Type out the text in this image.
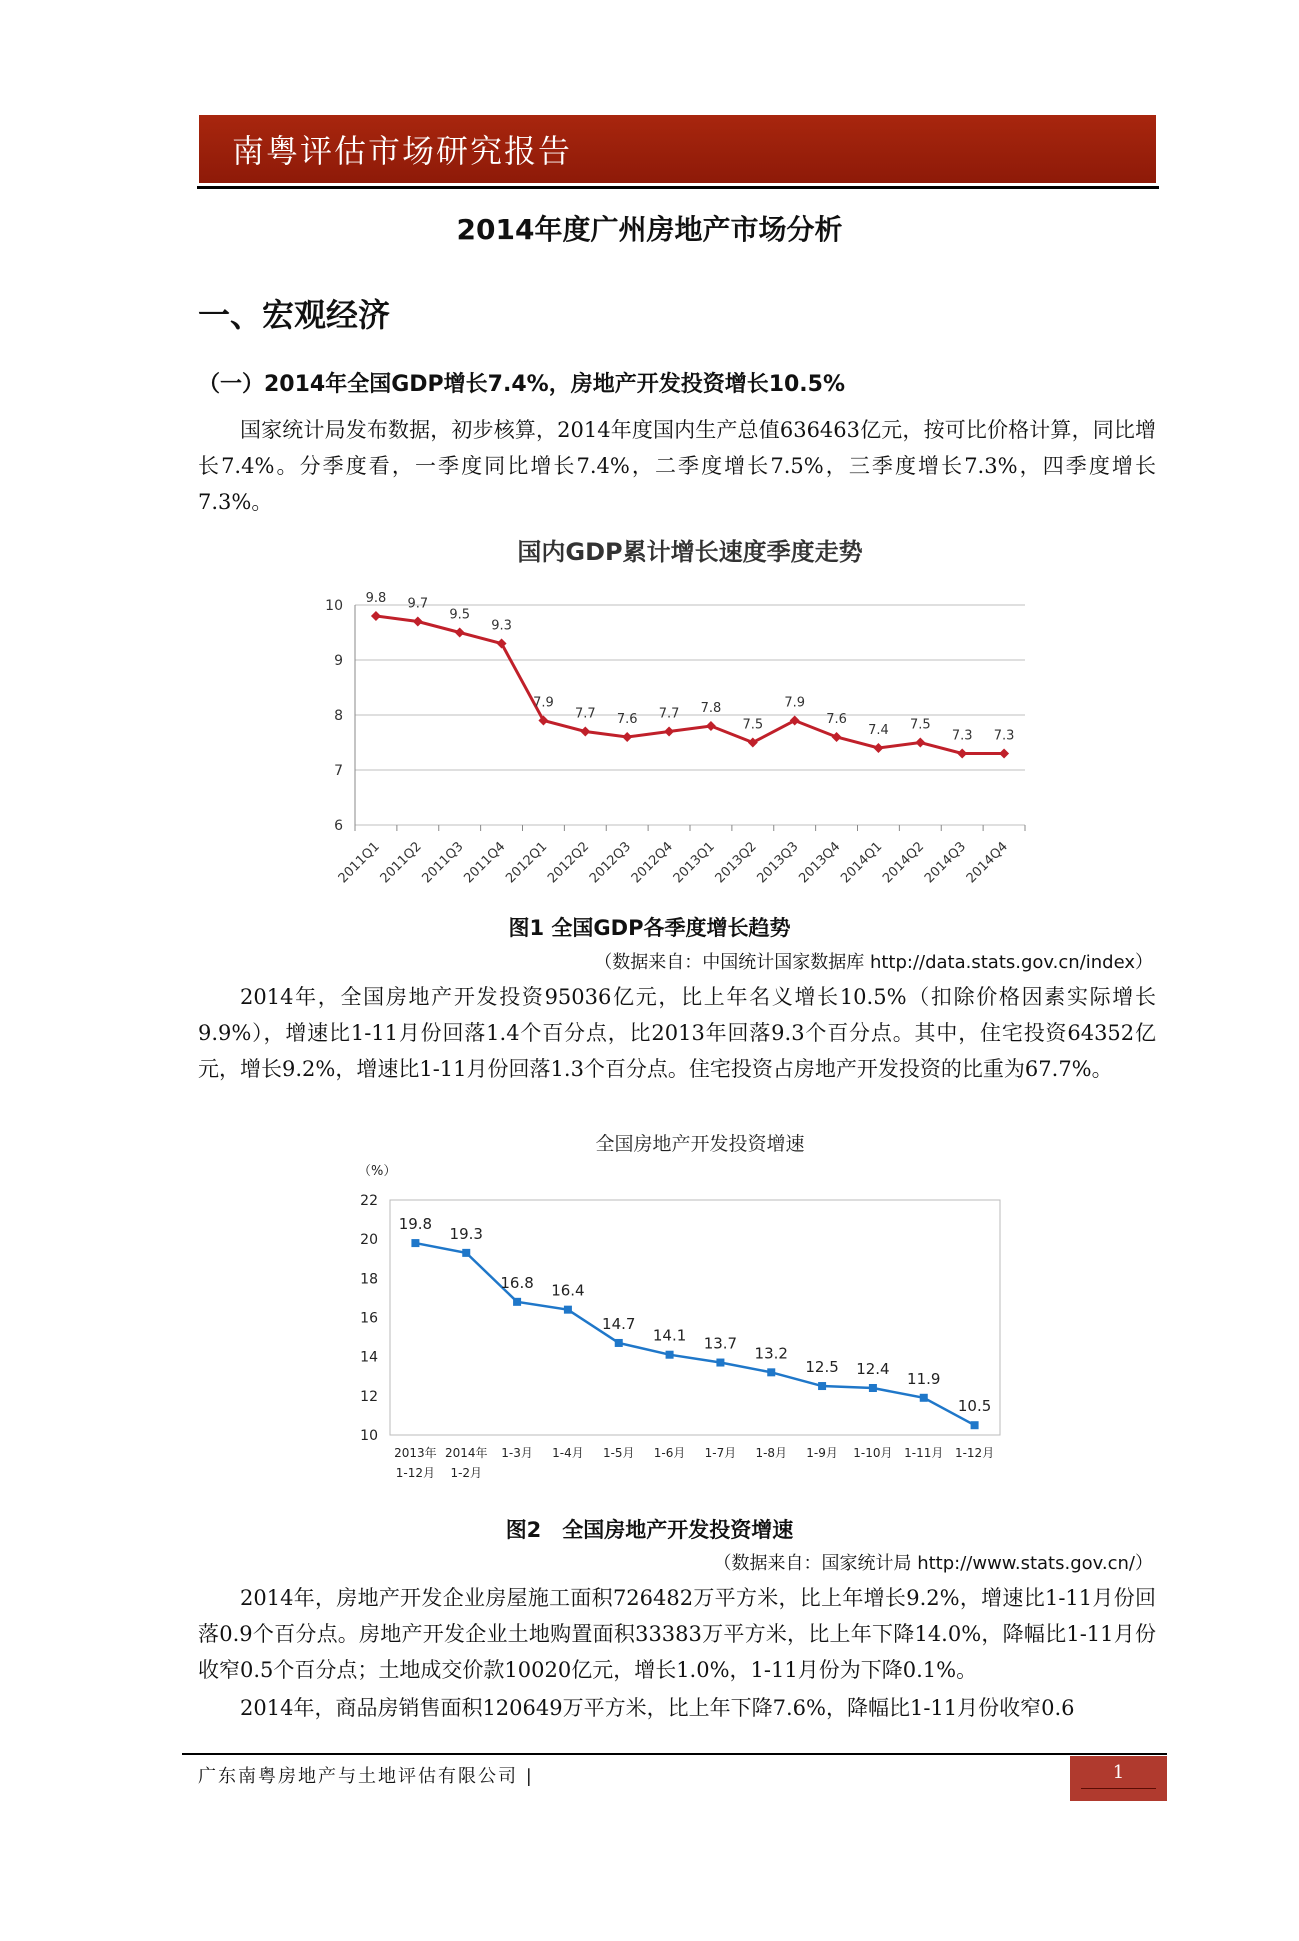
南粤评估市场研究报告
2014年度广州房地产市场分析
一、宏观经济
（一）2014年全国GDP增长7.4%，房地产开发投资增长10.5%

国家统计局发布数据，初步核算，2014年度国内生产总值636463亿元，按可比价格计算，同比增长7.4%。分季度看，一季度同比增长7.4%，二季度增长7.5%，三季度增长7.3%，四季度增长7.3%。

国内GDP累计增长速度季度走势
6
7
8
9
10
2011Q1
2011Q2
2011Q3
2011Q4
2012Q1
2012Q2
2012Q3
2012Q4
2013Q1
2013Q2
2013Q3
2013Q4
2014Q1
2014Q2
2014Q3
2014Q4
9.8 9.7
9.5
9.3
7.9
7.7 7.6 7.7 7.8
7.5
7.9
7.6
7.4 7.5
7.3 7.3
图1 全国GDP各季度增长趋势
（数据来自：中国统计国家数据库 http://data.stats.gov.cn/index）

2014年，全国房地产开发投资95036亿元，比上年名义增长10.5%（扣除价格因素实际增长9.9%），增速比1-11月份回落1.4个百分点，比2013年回落9.3个百分点。其中，住宅投资64352亿元，增长9.2%，增速比1-11月份回落1.3个百分点。住宅投资占房地产开发投资的比重为67.7%。

全国房地产开发投资增速
（%）
10
12
14
16
18
20
22
2013年
1-12月
2014年
1-2月
1-3月 1-4月 1-5月 1-6月 1-7月 1-8月 1-9月 1-10月 1-11月 1-12月
19.8
19.3
16.8 16.4
14.7
14.1 13.7
13.2
12.5 12.4
11.9
10.5
图2　全国房地产开发投资增速
（数据来自：国家统计局 http://www.stats.gov.cn/）

2014年，房地产开发企业房屋施工面积726482万平方米，比上年增长9.2%，增速比1-11月份回落0.9个百分点。房地产开发企业土地购置面积33383万平方米，比上年下降14.0%，降幅比1-11月份收窄0.5个百分点；土地成交价款10020亿元，增长1.0%，1-11月份为下降0.1%。

2014年，商品房销售面积120649万平方米，比上年下降7.6%，降幅比1-11月份收窄0.6

广东南粤房地产与土地评估有限公司 |	1
